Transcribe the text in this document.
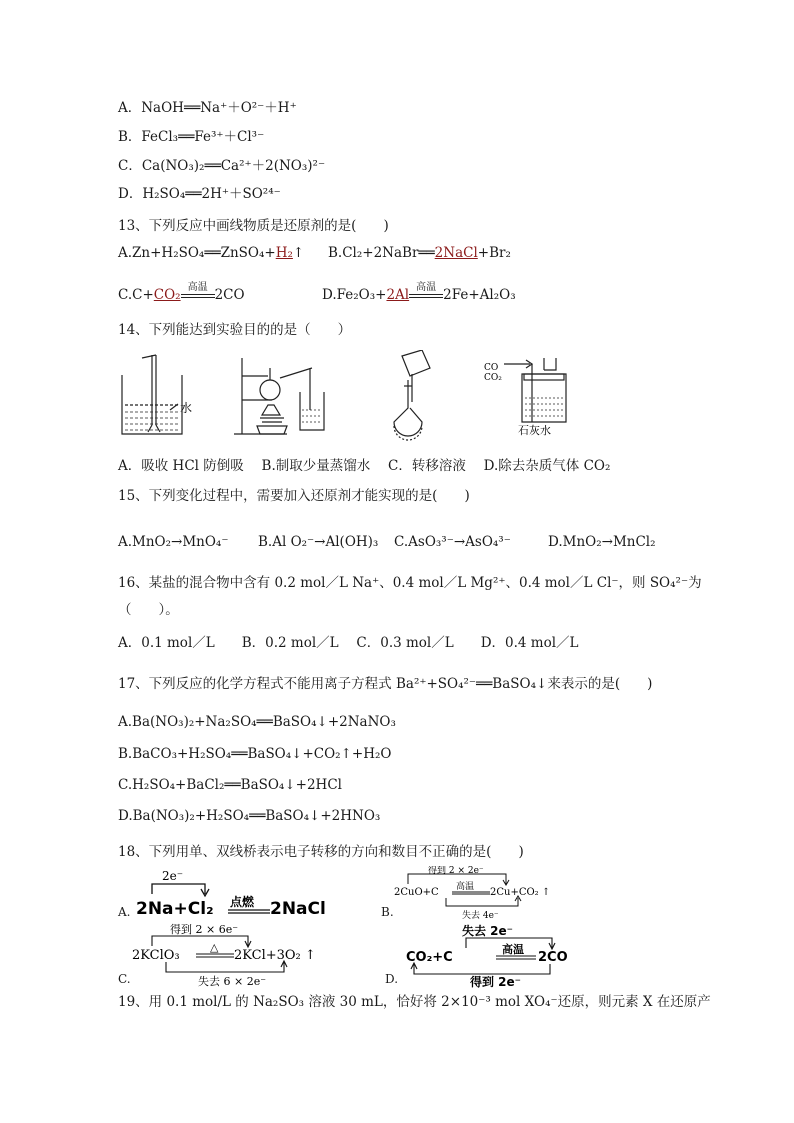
A．NaOH══Na⁺＋O²⁻＋H⁺
B．FeCl₃══Fe³⁺＋Cl³⁻
C．Ca(NO₃)₂══Ca²⁺＋2(NO₃)²⁻
D．H₂SO₄══2H⁺＋SO²⁴⁻
13、下列反应中画线物质是还原剂的是(　　)
A.Zn+H₂SO₄══ZnSO₄+H₂↑ B.Cl₂+2NaBr══2NaCl+Br₂
C.C+CO₂ 高温 2CO	D.Fe₂O₃+2Al 高温 2Fe+Al₂O₃
14、下列能达到实验目的的是（　　）
水
CO
CO₂
石灰水
A．吸收 HCl 防倒吸　 B.制取少量蒸馏水　 C．转移溶液　 D.除去杂质气体 CO₂
15、下列变化过程中，需要加入还原剂才能实现的是(　　)
A.MnO₂→MnO₄⁻ B.Al O₂⁻→Al(OH)₃ C.AsO₃³⁻→AsO₄³⁻	D.MnO₂→MnCl₂
16、某盐的混合物中含有 0.2 mol／L Na⁺、0.4 mol／L Mg²⁺、0.4 mol／L Cl⁻，则 SO₄²⁻为
（　　）。
A．0.1 mol／L　　B．0.2 mol／L　 C．0.3 mol／L　　D．0.4 mol／L
17、下列反应的化学方程式不能用离子方程式 Ba²⁺+SO₄²⁻══BaSO₄↓来表示的是(　　)
A.Ba(NO₃)₂+Na₂SO₄══BaSO₄↓+2NaNO₃
B.BaCO₃+H₂SO₄══BaSO₄↓+CO₂↑+H₂O
C.H₂SO₄+BaCl₂══BaSO₄↓+2HCl
D.Ba(NO₃)₂+H₂SO₄══BaSO₄↓+2HNO₃
18、下列用单、双线桥表示电子转移的方向和数目不正确的是(　　)
A.
2e⁻
2Na+Cl₂ 点燃 2NaCl	B.
得到 2 × 2e⁻
2CuO+C 高温 2Cu+CO₂ ↑
失去 4e⁻
C.
得到 2 × 6e⁻
2KClO₃
△
2KCl+3O₂ ↑
失去 6 × 2e⁻	D.
失去 2e⁻
CO₂+C
高温
2CO
得到 2e⁻
19、用 0.1 mol/L 的 Na₂SO₃ 溶液 30 mL，恰好将 2×10⁻³ mol XO₄⁻还原，则元素 X 在还原产
